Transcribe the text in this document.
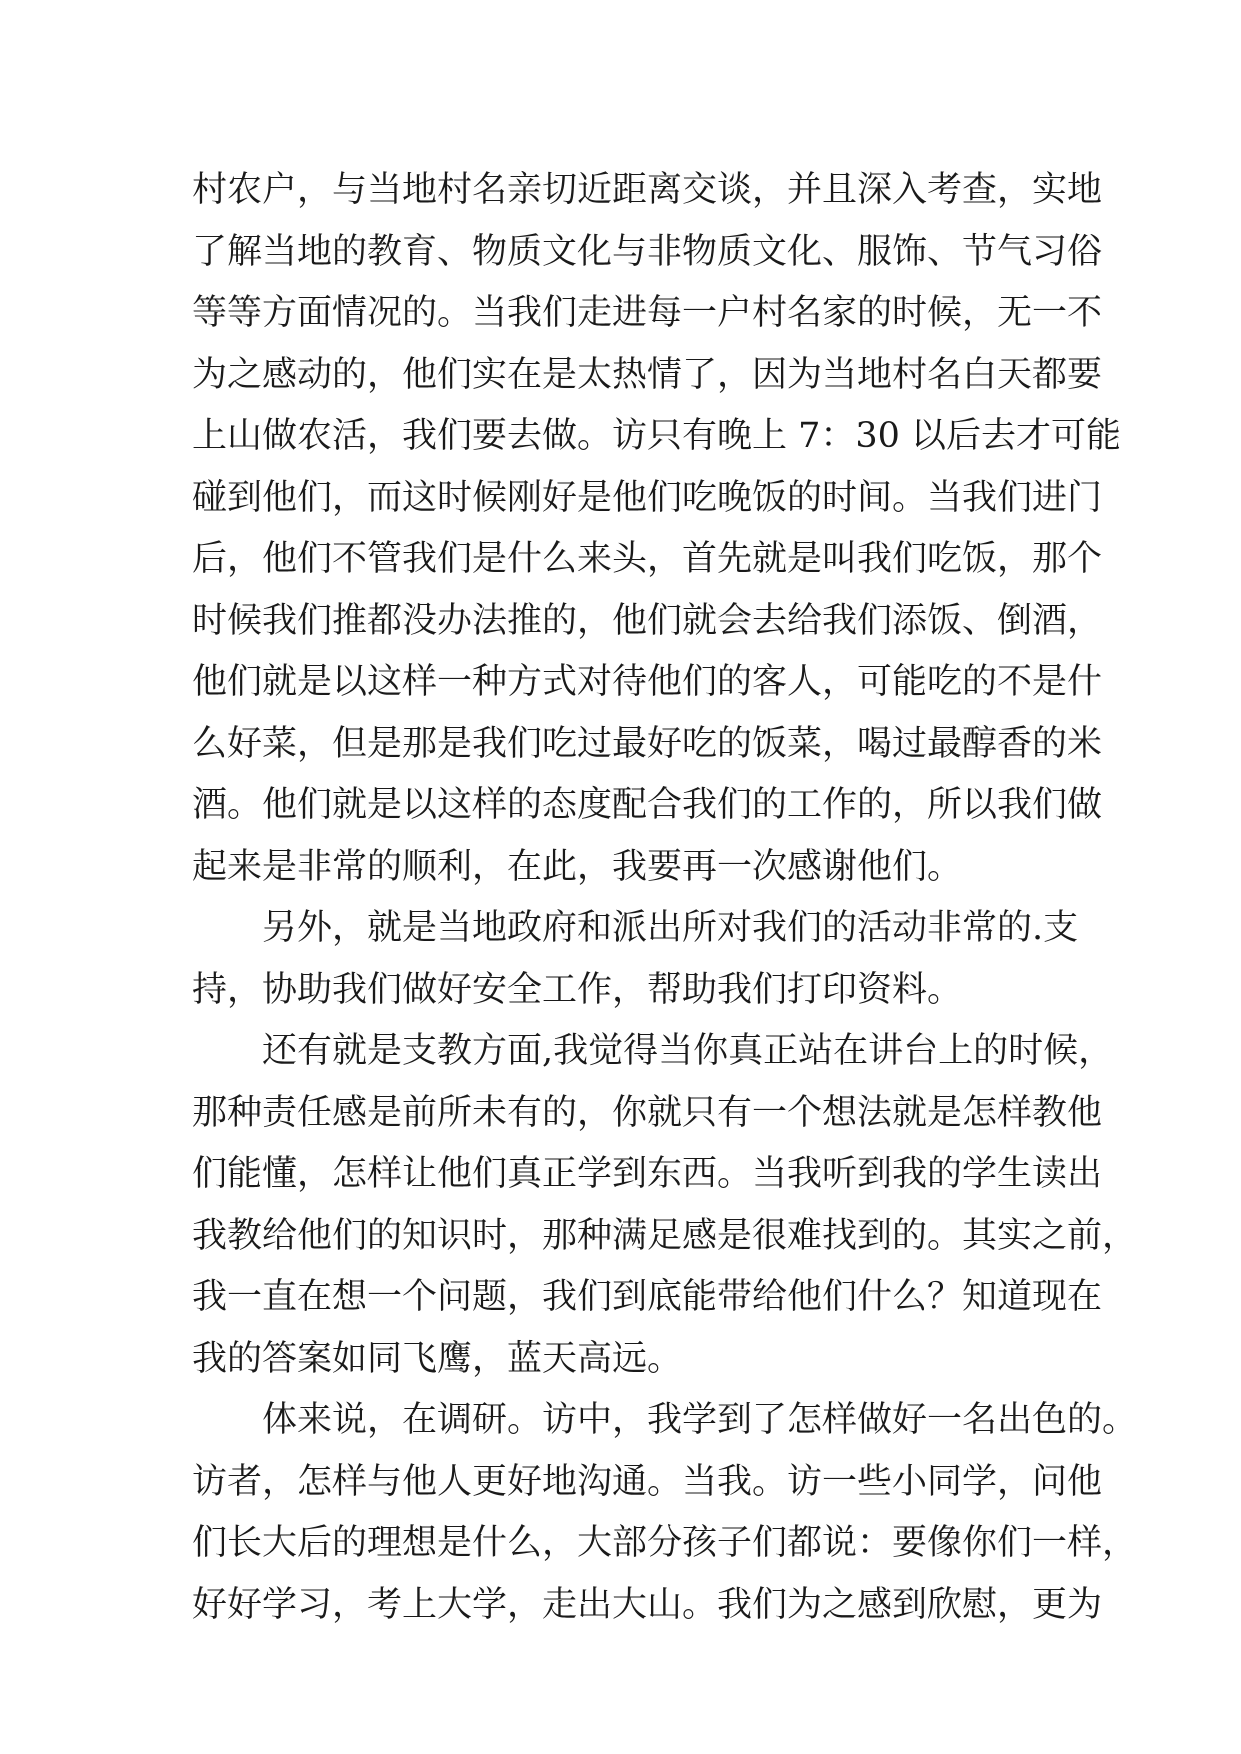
村农户，与当地村名亲切近距离交谈，并且深入考查，实地
了解当地的教育、物质文化与非物质文化、服饰、节气习俗
等等方面情况的。当我们走进每一户村名家的时候，无一不
为之感动的，他们实在是太热情了，因为当地村名白天都要
上山做农活，我们要去做。访只有晚上 7：30 以后去才可能
碰到他们，而这时候刚好是他们吃晚饭的时间。当我们进门
后，他们不管我们是什么来头，首先就是叫我们吃饭，那个
时候我们推都没办法推的，他们就会去给我们添饭、倒酒，
他们就是以这样一种方式对待他们的客人，可能吃的不是什
么好菜，但是那是我们吃过最好吃的饭菜，喝过最醇香的米
酒。他们就是以这样的态度配合我们的工作的，所以我们做
起来是非常的顺利，在此，我要再一次感谢他们。
另外，就是当地政府和派出所对我们的活动非常的.支
持，协助我们做好安全工作，帮助我们打印资料。
还有就是支教方面,我觉得当你真正站在讲台上的时候，
那种责任感是前所未有的，你就只有一个想法就是怎样教他
们能懂，怎样让他们真正学到东西。当我听到我的学生读出
我教给他们的知识时，那种满足感是很难找到的。其实之前，
我一直在想一个问题，我们到底能带给他们什么？知道现在
我的答案如同飞鹰，蓝天高远。
体来说，在调研。访中，我学到了怎样做好一名出色的。
访者，怎样与他人更好地沟通。当我。访一些小同学，问他
们长大后的理想是什么，大部分孩子们都说：要像你们一样，
好好学习，考上大学，走出大山。我们为之感到欣慰，更为
